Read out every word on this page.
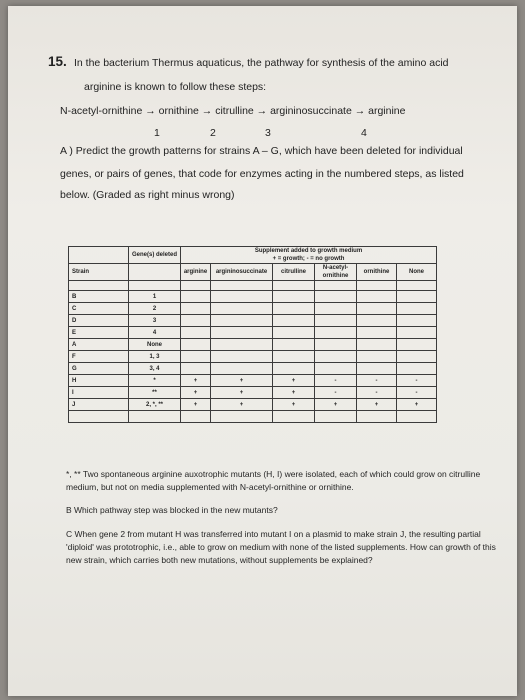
15. In the bacterium Thermus aquaticus, the pathway for synthesis of the amino acid
arginine is known to follow these steps:
N-acetyl-ornithine → ornithine → citrulline → argininosuccinate → arginine
1	2	3	4
A ) Predict the growth patterns for strains A – G, which have been deleted for individual
genes, or pairs of genes, that code for enzymes acting in the numbered steps, as listed
below. (Graded as right minus wrong)
	Gene(s) deleted	Supplement added to growth medium
+ = growth; - = no growth					

Strain		arginine	argininosuccinate	citrulline	N-acetyl-ornithine	ornithine	None

B	1						
C	2						
D	3						
E	4						
A	None						
F	1, 3						
G	3, 4						
H	*	+	+	+	-	-	-
I	**	+	+	+	-	-	-
J	2, *, **	+	+	+	+	+	+

*, ** Two spontaneous arginine auxotrophic mutants (H, I) were isolated, each of which could grow on citrulline medium, but not on media supplemented with N-acetyl-ornithine or ornithine.
B Which pathway step was blocked in the new mutants?
C When gene 2 from mutant H was transferred into mutant I on a plasmid to make strain J, the resulting partial 'diploid' was prototrophic, i.e., able to grow on medium with none of the listed supplements. How can growth of this new strain, which carries both new mutations, without supplements be explained?
